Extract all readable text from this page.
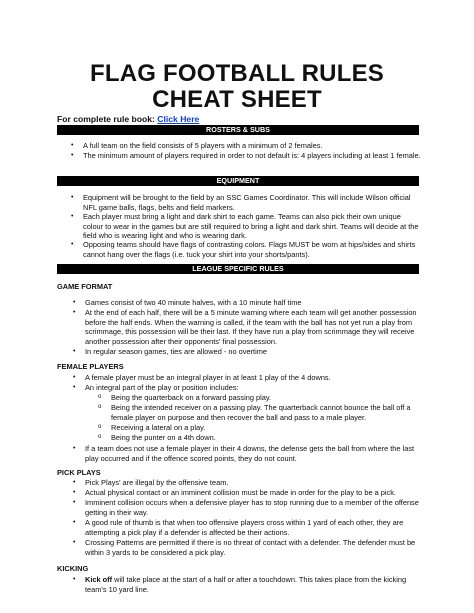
FLAG FOOTBALL RULES
CHEAT SHEET
For complete rule book: Click Here
ROSTERS & SUBS
• A full team on the field consists of 5 players with a minimum of 2 females.
• The minimum amount of players required in order to not default is: 4 players including at least 1 female.
EQUIPMENT
• Equipment will be brought to the field by an SSC Games Coordinator. This will include Wilson official NFL game balls, flags, belts and field markers.
• Each player must bring a light and dark shirt to each game. Teams can also pick their own unique colour to wear in the games but are still required to bring a light and dark shirt. Teams will decide at the field who is wearing light and who is wearing dark.
• Opposing teams should have flags of contrasting colors. Flags MUST be worn at hips/sides and shirts cannot hang over the flags (i.e. tuck your shirt into your shorts/pants).
LEAGUE SPECIFIC RULES
GAME FORMAT
• Games consist of two 40 minute halves, with a 10 minute half time
• At the end of each half, there will be a 5 minute warning where each team will get another possession before the half ends. When the warning is called, if the team with the ball has not yet run a play from scrimmage, this possession will be their last. If they have run a play from scrimmage they will receive another possession after their opponents' final possession.
• In regular season games, ties are allowed - no overtime
FEMALE PLAYERS
• A female player must be an integral player in at least 1 play of the 4 downs.
• An integral part of the play or position includes:
o Being the quarterback on a forward passing play.
o Being the intended receiver on a passing play. The quarterback cannot bounce the ball off a female player on purpose and then recover the ball and pass to a male player.
o Receiving a lateral on a play.
o Being the punter on a 4th down.
• If a team does not use a female player in their 4 downs, the defense gets the ball from where the last play occurred and if the offence scored points, they do not count.
PICK PLAYS
• Pick Plays' are illegal by the offensive team.
• Actual physical contact or an imminent collision must be made in order for the play to be a pick.
• Imminent collision occurs when a defensive player has to stop running due to a member of the offense getting in their way.
• A good rule of thumb is that when too offensive players cross within 1 yard of each other, they are attempting a pick play if a defender is affected be their actions.
• Crossing Patterns are permitted if there is no threat of contact with a defender. The defender must be within 3 yards to be considered a pick play.
KICKING
• Kick off will take place at the start of a half or after a touchdown. This takes place from the kicking team's 10 yard line.
